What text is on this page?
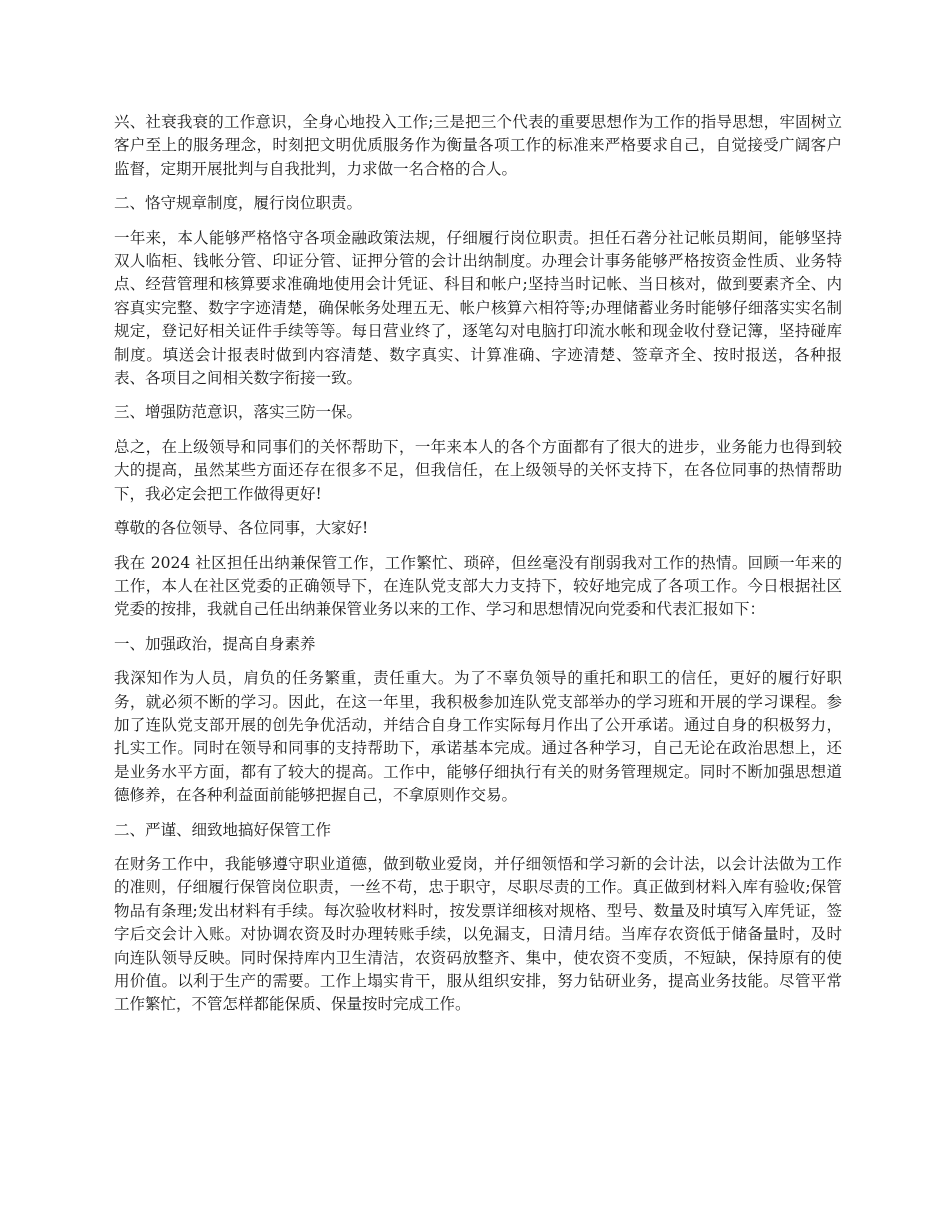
兴、社衰我衰的工作意识，全身心地投入工作;三是把三个代表的重要思想作为工作的指导思想，牢固树立客户至上的服务理念，时刻把文明优质服务作为衡量各项工作的标准来严格要求自己，自觉接受广阔客户监督，定期开展批判与自我批判，力求做一名合格的合人。

二、恪守规章制度，履行岗位职责。

一年来，本人能够严格恪守各项金融政策法规，仔细履行岗位职责。担任石砻分社记帐员期间，能够坚持双人临柜、钱帐分管、印证分管、证押分管的会计出纳制度。办理会计事务能够严格按资金性质、业务特点、经营管理和核算要求准确地使用会计凭证、科目和帐户;坚持当时记帐、当日核对，做到要素齐全、内容真实完整、数字字迹清楚，确保帐务处理五无、帐户核算六相符等;办理储蓄业务时能够仔细落实实名制规定，登记好相关证件手续等等。每日营业终了，逐笔勾对电脑打印流水帐和现金收付登记簿，坚持碰库制度。填送会计报表时做到内容清楚、数字真实、计算准确、字迹清楚、签章齐全、按时报送，各种报表、各项目之间相关数字衔接一致。

三、增强防范意识，落实三防一保。

总之，在上级领导和同事们的关怀帮助下，一年来本人的各个方面都有了很大的进步，业务能力也得到较大的提高，虽然某些方面还存在很多不足，但我信任，在上级领导的关怀支持下，在各位同事的热情帮助下，我必定会把工作做得更好!

尊敬的各位领导、各位同事，大家好!

我在 2024 社区担任出纳兼保管工作，工作繁忙、琐碎，但丝毫没有削弱我对工作的热情。回顾一年来的工作，本人在社区党委的正确领导下，在连队党支部大力支持下，较好地完成了各项工作。今日根据社区党委的按排，我就自己任出纳兼保管业务以来的工作、学习和思想情况向党委和代表汇报如下：

一、加强政治，提高自身素养

我深知作为人员，肩负的任务繁重，责任重大。为了不辜负领导的重托和职工的信任，更好的履行好职务，就必须不断的学习。因此，在这一年里，我积极参加连队党支部举办的学习班和开展的学习课程。参加了连队党支部开展的创先争优活动，并结合自身工作实际每月作出了公开承诺。通过自身的积极努力，扎实工作。同时在领导和同事的支持帮助下，承诺基本完成。通过各种学习，自己无论在政治思想上，还是业务水平方面，都有了较大的提高。工作中，能够仔细执行有关的财务管理规定。同时不断加强思想道德修养，在各种利益面前能够把握自己，不拿原则作交易。

二、严谨、细致地搞好保管工作

在财务工作中，我能够遵守职业道德，做到敬业爱岗，并仔细领悟和学习新的会计法，以会计法做为工作的准则，仔细履行保管岗位职责，一丝不苟，忠于职守，尽职尽责的工作。真正做到材料入库有验收;保管物品有条理;发出材料有手续。每次验收材料时，按发票详细核对规格、型号、数量及时填写入库凭证，签字后交会计入账。对协调农资及时办理转账手续，以免漏支，日清月结。当库存农资低于储备量时，及时向连队领导反映。同时保持库内卫生清洁，农资码放整齐、集中，使农资不变质，不短缺，保持原有的使用价值。以利于生产的需要。工作上塌实肯干，服从组织安排，努力钻研业务，提高业务技能。尽管平常工作繁忙，不管怎样都能保质、保量按时完成工作。
